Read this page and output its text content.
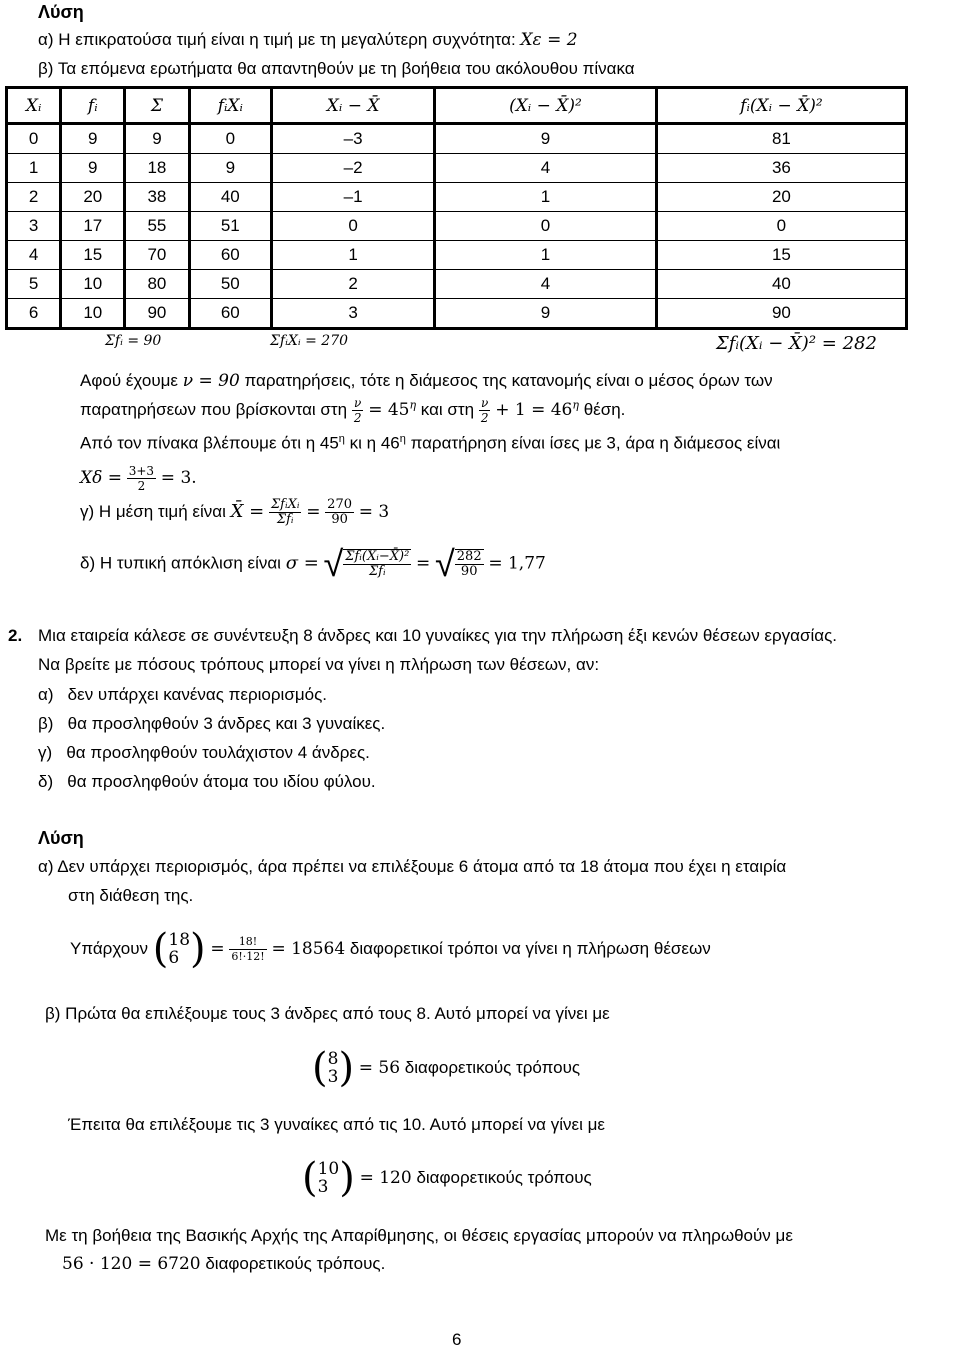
Λύση
α) Η επικρατούσα τιμή είναι η τιμή με τη μεγαλύτερη συχνότητα: Xε = 2
β) Τα επόμενα ερωτήματα θα απαντηθούν με τη βοήθεια του ακόλουθου πίνακα
Xᵢ	fᵢ	Σ	fᵢXᵢ	Xᵢ − X̄	(Xᵢ − X̄)²	fᵢ(Xᵢ − X̄)²
0	9	9	0	–3	9	81
1	9	18	9	–2	4	36
2	20	38	40	–1	1	20
3	17	55	51	0	0	0
4	15	70	60	1	1	15
5	10	80	50	2	4	40
6	10	90	60	3	9	90
Σfᵢ = 90	ΣfᵢXᵢ = 270	Σfᵢ(Xᵢ − X̄)² = 282
Αφού έχουμε ν = 90 παρατηρήσεις, τότε η διάμεσος της κατανομής είναι ο μέσος όρων των
παρατηρήσεων που βρίσκονται στη $\frac{\nu}{2} = 45^\eta$ και στη $\frac{\nu}{2} + 1 = 46^\eta$ θέση.
Από τον πίνακα βλέπουμε ότι η $45^\eta$ κι η $46^\eta$ παρατήρηση είναι ίσες με 3, άρα η διάμεσος είναι
$X\delta = \frac{3+3}{2} = 3$.
γ) Η μέση τιμή είναι X̄ = $\frac{\text{ΣfᵢXᵢ}}{\text{Σfᵢ}} = \frac{270}{90} = 3$
δ) Η τυπική απόκλιση είναι σ = √ $\frac{\text{Σfᵢ(Xᵢ−X̄)²}}{\text{Σfᵢ}}$ = √ $\frac{282}{90} = 1,77$
2. Μια εταιρεία κάλεσε σε συνέντευξη 8 άνδρες και 10 γυναίκες για την πλήρωση έξι κενών θέσεων εργασίας.
Να βρείτε με πόσους τρόπους μπορεί να γίνει η πλήρωση των θέσεων, αν:
α) δεν υπάρχει κανένας περιορισμός.
β) θα προσληφθούν 3 άνδρες και 3 γυναίκες.
γ) θα προσληφθούν τουλάχιστον 4 άνδρες.
δ) θα προσληφθούν άτομα του ιδίου φύλου.
Λύση
α) Δεν υπάρχει περιορισμός, άρα πρέπει να επιλέξουμε 6 άτομα από τα 18 άτομα που έχει η εταιρία
στη διάθεση της.
Υπάρχουν ( 18
6 ) = $\frac{18!}{6!\cdot 12!} = 18564$ διαφορετικοί τρόποι να γίνει η πλήρωση θέσεων
β) Πρώτα θα επιλέξουμε τους 3 άνδρες από τους 8. Αυτό μπορεί να γίνει με
( 8
3 ) = 56 διαφορετικούς τρόπους
Έπειτα θα επιλέξουμε τις 3 γυναίκες από τις 10. Αυτό μπορεί να γίνει με
( 10
3 ) = 120 διαφορετικούς τρόπους
Με τη βοήθεια της Βασικής Αρχής της Απαρίθμησης, οι θέσεις εργασίας μπορούν να πληρωθούν με
56 · 120 = 6720 διαφορετικούς τρόπους.
6
